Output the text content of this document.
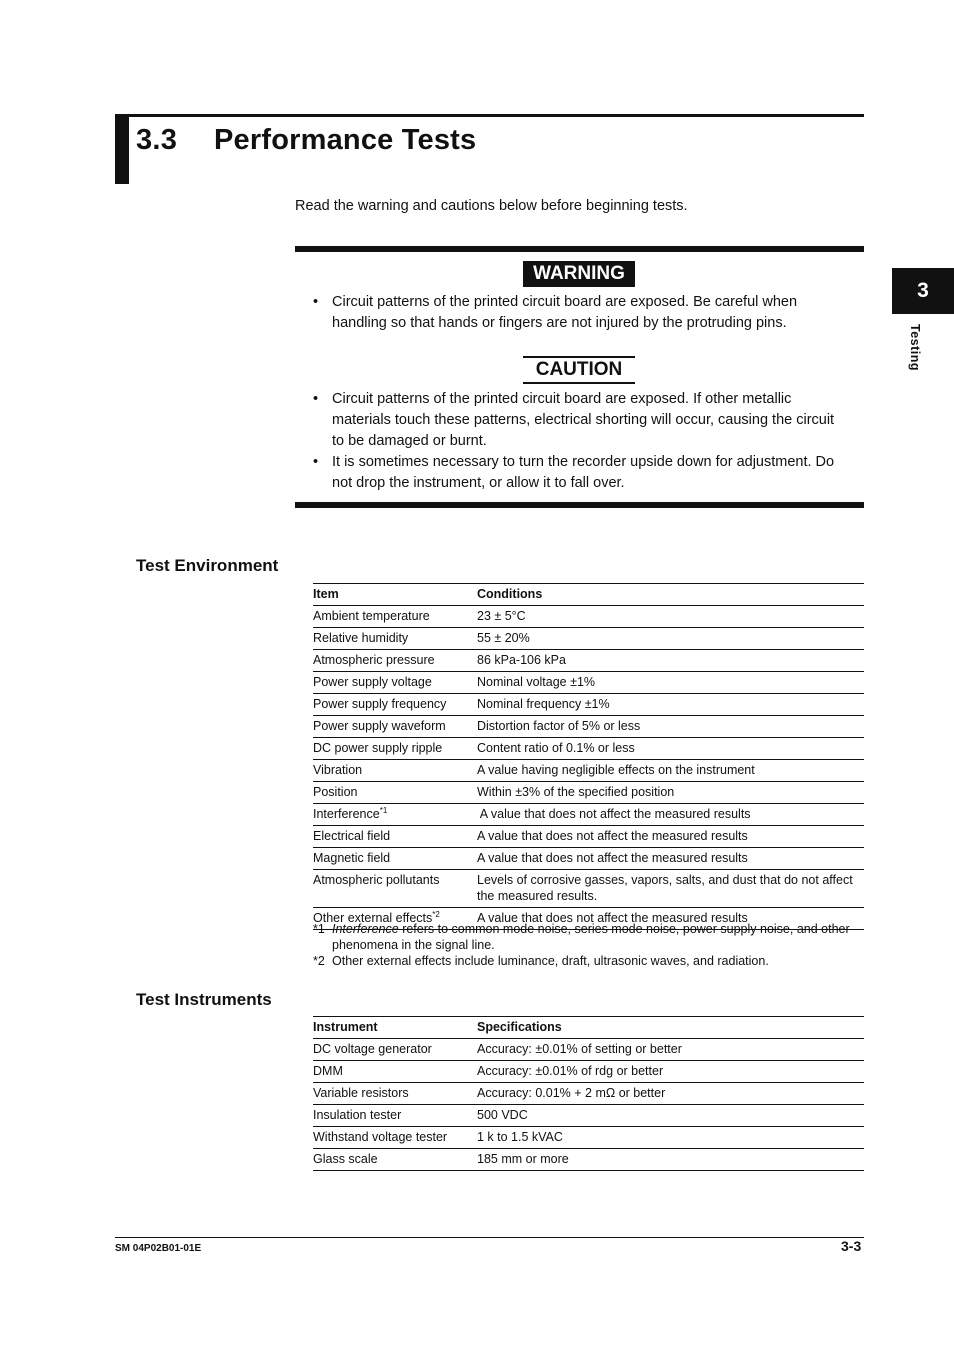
3.3 Performance Tests
Read the warning and cautions below before beginning tests.
WARNING
• Circuit patterns of the printed circuit board are exposed. Be careful when handling so that hands or fingers are not injured by the protruding pins.
CAUTION
• Circuit patterns of the printed circuit board are exposed. If other metallic materials touch these patterns, electrical shorting will occur, causing the circuit to be damaged or burnt.
• It is sometimes necessary to turn the recorder upside down for adjustment. Do not drop the instrument, or allow it to fall over.
Test Environment
Item	Conditions
Ambient temperature	23 ± 5°C
Relative humidity	55 ± 20%
Atmospheric pressure	86 kPa-106 kPa
Power supply voltage	Nominal voltage ±1%
Power supply frequency	Nominal frequency ±1%
Power supply waveform	Distortion factor of 5% or less
DC power supply ripple	Content ratio of 0.1% or less
Vibration	A value having negligible effects on the instrument
Position	Within ±3% of the specified position
Interference$^{*1}$	A value that does not affect the measured results
Electrical field	A value that does not affect the measured results
Magnetic field	A value that does not affect the measured results
Atmospheric pollutants	Levels of corrosive gasses, vapors, salts, and dust that do not affect the measured results.
Other external effects$^{*2}$	A value that does not affect the measured results
*1 Interference refers to common mode noise, series mode noise, power supply noise, and other phenomena in the signal line.
*2 Other external effects include luminance, draft, ultrasonic waves, and radiation.
Test Instruments
Instrument	Specifications
DC voltage generator	Accuracy: ±0.01% of setting or better
DMM	Accuracy: ±0.01% of rdg or better
Variable resistors	Accuracy: 0.01% + 2 mΩ or better
Insulation tester	500 VDC
Withstand voltage tester	1 k to 1.5 kVAC
Glass scale	185 mm or more
3
Testing
SM 04P02B01-01E	3-3
